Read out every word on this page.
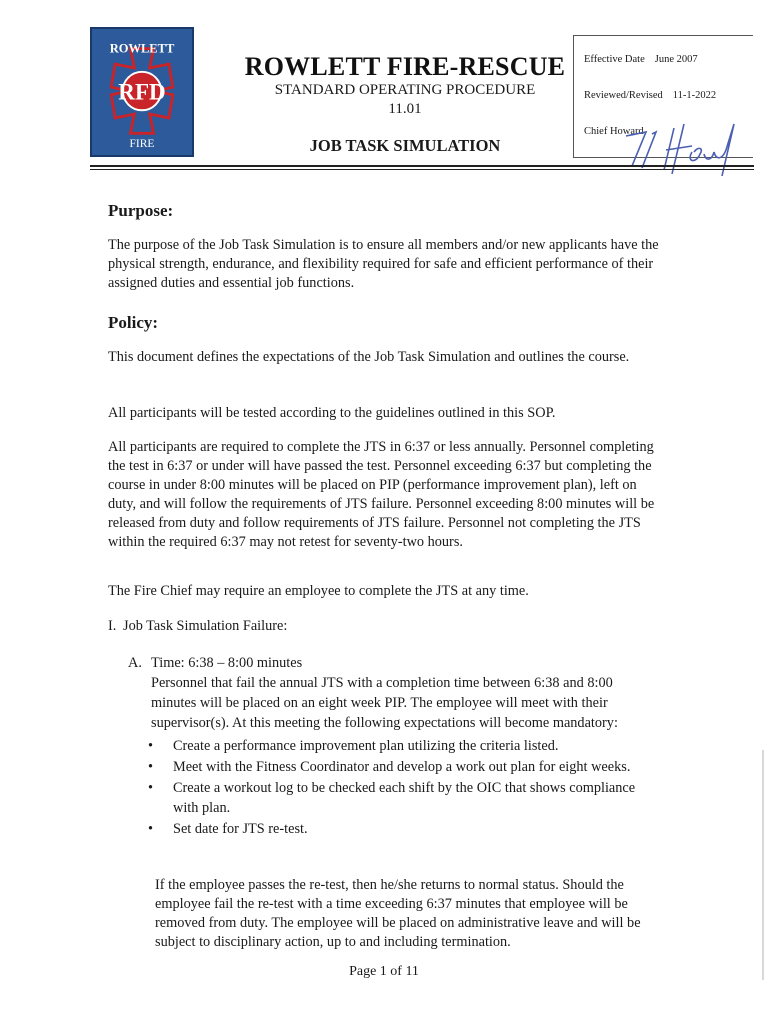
ROWLETT
RFD
FIRE
ROWLETT FIRE-RESCUE
STANDARD OPERATING PROCEDURE
11.01
JOB TASK SIMULATION
Effective Date June 2007
Reviewed/Revised 11-1-2022
Chief Howard
Purpose:
The purpose of the Job Task Simulation is to ensure all members and/or new applicants have the physical strength, endurance, and flexibility required for safe and efficient performance of their assigned duties and essential job functions.
Policy:
This document defines the expectations of the Job Task Simulation and outlines the course.
All participants will be tested according to the guidelines outlined in this SOP.
All participants are required to complete the JTS in 6:37 or less annually. Personnel completing the test in 6:37 or under will have passed the test. Personnel exceeding 6:37 but completing the course in under 8:00 minutes will be placed on PIP (performance improvement plan), left on duty, and will follow the requirements of JTS failure. Personnel exceeding 8:00 minutes will be released from duty and follow requirements of JTS failure. Personnel not completing the JTS within the required 6:37 may not retest for seventy-two hours.
The Fire Chief may require an employee to complete the JTS at any time.
I. Job Task Simulation Failure:
A. Time: 6:38 – 8:00 minutes
Personnel that fail the annual JTS with a completion time between 6:38 and 8:00 minutes will be placed on an eight week PIP. The employee will meet with their supervisor(s). At this meeting the following expectations will become mandatory:
• Create a performance improvement plan utilizing the criteria listed.
• Meet with the Fitness Coordinator and develop a work out plan for eight weeks.
• Create a workout log to be checked each shift by the OIC that shows compliance with plan.
• Set date for JTS re-test.
If the employee passes the re-test, then he/she returns to normal status. Should the employee fail the re-test with a time exceeding 6:37 minutes that employee will be removed from duty. The employee will be placed on administrative leave and will be subject to disciplinary action, up to and including termination.
Page 1 of 11
